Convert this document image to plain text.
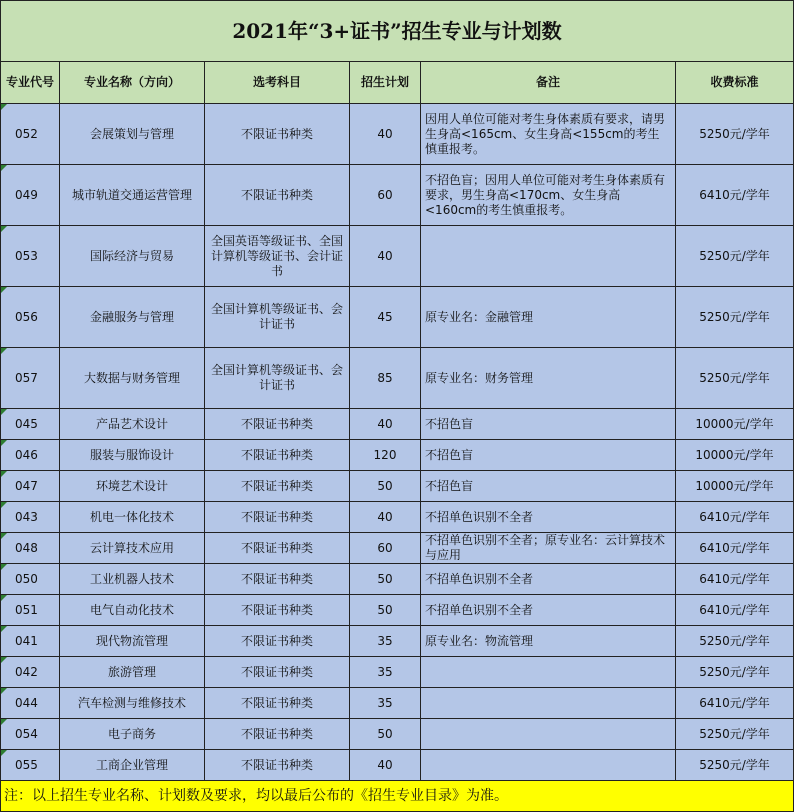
2021年“3+证书”招生专业与计划数					
专业代号	专业名称（方向）	选考科目	招生计划	备注	收费标准
052	会展策划与管理	不限证书种类	40	因用人单位可能对考生身体素质有要求，请男生身高<165cm、女生身高<155cm的考生慎重报考。	5250元/学年
049	城市轨道交通运营管理	不限证书种类	60	不招色盲；因用人单位可能对考生身体素质有要求，男生身高<170cm、女生身高<160cm的考生慎重报考。	6410元/学年
053	国际经济与贸易	全国英语等级证书、全国计算机等级证书、会计证书	40		5250元/学年
056	金融服务与管理	全国计算机等级证书、会计证书	45	原专业名：金融管理	5250元/学年
057	大数据与财务管理	全国计算机等级证书、会计证书	85	原专业名：财务管理	5250元/学年
045	产品艺术设计	不限证书种类	40	不招色盲	10000元/学年
046	服装与服饰设计	不限证书种类	120	不招色盲	10000元/学年
047	环境艺术设计	不限证书种类	50	不招色盲	10000元/学年
043	机电一体化技术	不限证书种类	40	不招单色识别不全者	6410元/学年
048	云计算技术应用	不限证书种类	60	不招单色识别不全者；原专业名：云计算技术与应用	6410元/学年
050	工业机器人技术	不限证书种类	50	不招单色识别不全者	6410元/学年
051	电气自动化技术	不限证书种类	50	不招单色识别不全者	6410元/学年
041	现代物流管理	不限证书种类	35	原专业名：物流管理	5250元/学年
042	旅游管理	不限证书种类	35		5250元/学年
044	汽车检测与维修技术	不限证书种类	35		6410元/学年
054	电子商务	不限证书种类	50		5250元/学年
055	工商企业管理	不限证书种类	40		5250元/学年
注：以上招生专业名称、计划数及要求，均以最后公布的《招生专业目录》为准。					
